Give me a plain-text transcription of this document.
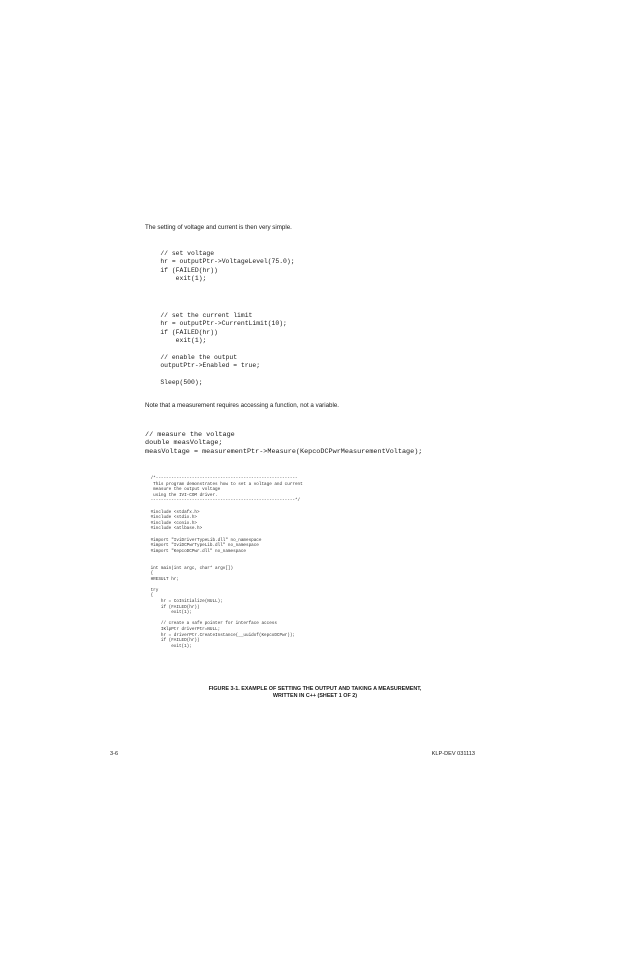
The setting of voltage and current is then very simple.
// set voltage
hr = outputPtr->VoltageLevel(75.0);
if (FAILED(hr))
exit(1);
// set the current limit
hr = outputPtr->CurrentLimit(10);
if (FAILED(hr))
exit(1);

// enable the output
outputPtr->Enabled = true;

Sleep(500);
Note that a measurement requires accessing a function, not a variable.
// measure the voltage
double measVoltage;
measVoltage = measurementPtr->Measure(KepcoDCPwrMeasurementVoltage);
/*-------------------------------------------------------
This program demonstrates how to set a voltage and current
measure the output voltage
using the IVI-COM driver.
--------------------------------------------------------*/

#include <stdafx.h>
#include <stdio.h>
#include <conio.h>
#include <atlbase.h>

#import "IviDriverTypeLib.dll" no_namespace
#import "IviDCPwrTypeLib.dll" no_namespace
#import "KepcoDCPwr.dll" no_namespace

int main(int argc, char* argv[])
{
HRESULT hr;

try
{
hr = CoInitialize(NULL);
if (FAILED(hr))
exit(1);

// create a safe pointer for interface access
IKlpPtr driverPtr=NULL;
hr = driverPtr.CreateInstance(__uuidof(KepcoDCPwr));
if (FAILED(hr))
exit(1);
FIGURE 3-1. EXAMPLE OF SETTING THE OUTPUT AND TAKING A MEASUREMENT,
WRITTEN IN C++ (SHEET 1 OF 2)
3-6	KLP-DEV 031113
